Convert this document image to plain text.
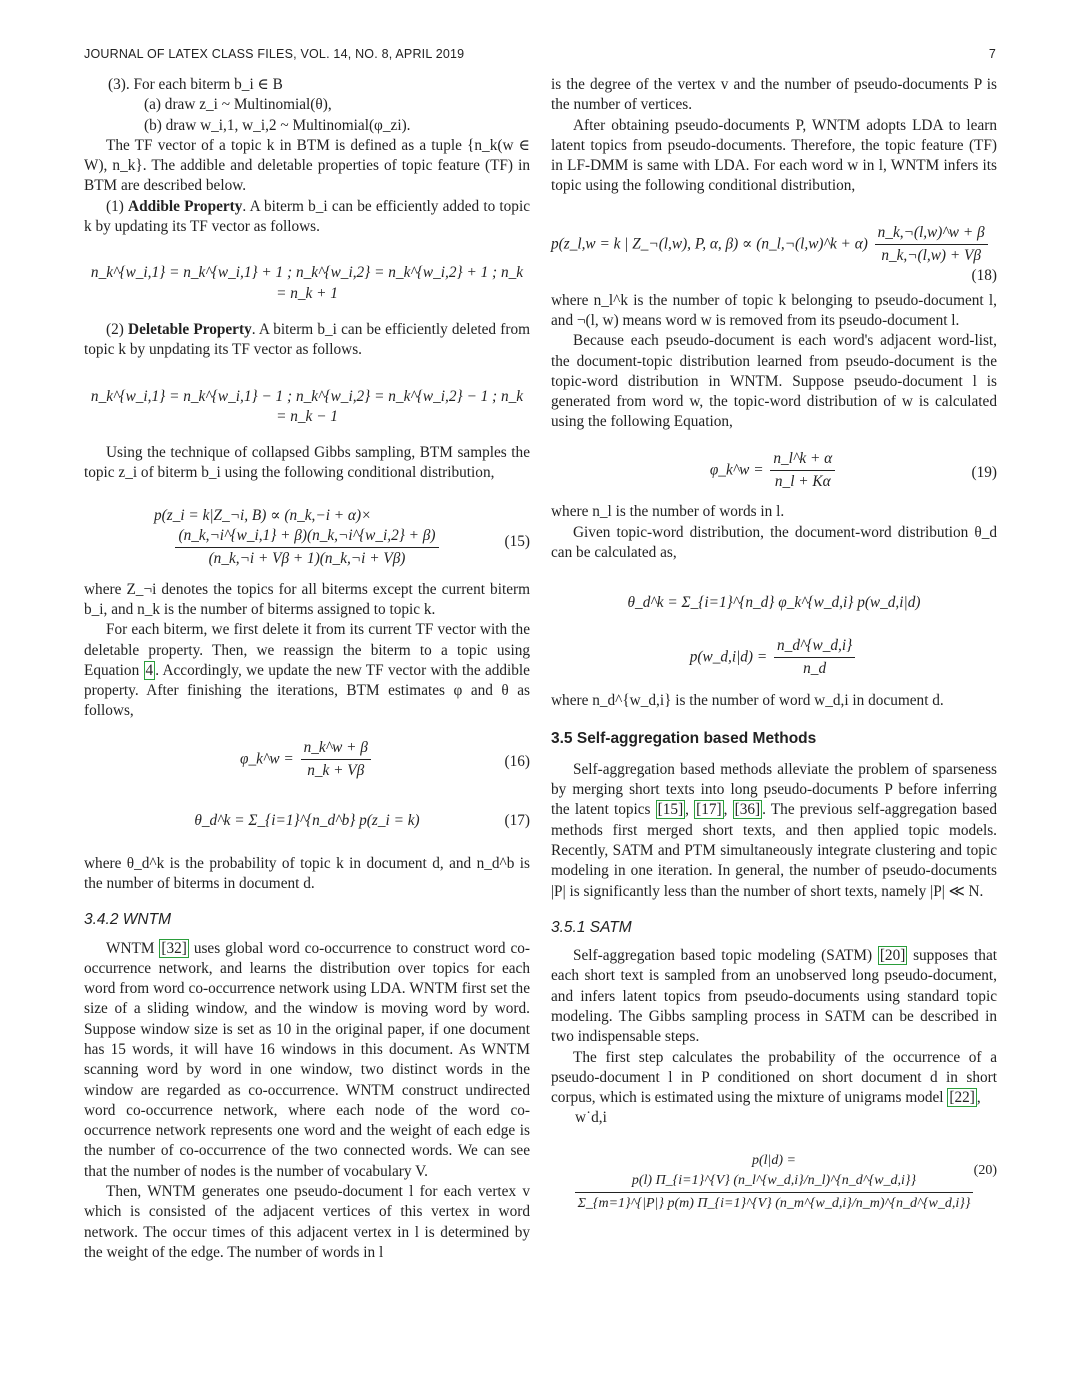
JOURNAL OF LATEX CLASS FILES, VOL. 14, NO. 8, APRIL 2019	7

(3). For each biterm b_i ∈ B

(a) draw z_i ~ Multinomial(θ),

(b) draw w_i,1, w_i,2 ~ Multinomial(φ_zi).

The TF vector of a topic k in BTM is defined as a tuple {n_k(w ∈ W), n_k}. The addible and deletable properties of topic feature (TF) in BTM are described below.

(1) Addible Property. A biterm b_i can be efficiently added to topic k by updating its TF vector as follows.

n_k^{w_i,1} = n_k^{w_i,1} + 1 ; n_k^{w_i,2} = n_k^{w_i,2} + 1 ; n_k = n_k + 1

(2) Deletable Property. A biterm b_i can be efficiently deleted from topic k by unpdating its TF vector as follows.

n_k^{w_i,1} = n_k^{w_i,1} − 1 ; n_k^{w_i,2} = n_k^{w_i,2} − 1 ; n_k = n_k − 1

Using the technique of collapsed Gibbs sampling, BTM samples the topic z_i of biterm b_i using the following conditional distribution,

p(z_i = k|Z_¬i, B) ∝ (n_k,−i + α)×
$\frac{(n\_k,\neg i\^{}\{w\_i,1\} + \beta)(n\_k,\neg i\^{}\{w\_i,2\} + \beta)}{(n\_k,\neg i + V\beta + 1)(n\_k,\neg i + V\beta)}$	(15)

where Z_¬i denotes the topics for all biterms except the current biterm b_i, and n_k is the number of biterms assigned to topic k.

For each biterm, we first delete it from its current TF vector with the deletable property. Then, we reassign the biterm to a topic using Equation 4 . Accordingly, we update the new TF vector with the addible property. After finishing the iterations, BTM estimates φ and θ as follows,

φ_k^w = $\frac{n\_k\^{}w + \beta}{n\_k + V\beta}$	(16)
θ_d^k = Σ_{i=1}^{n_d^b} p(z_i = k)	(17)

where θ_d^k is the probability of topic k in document d, and n_d^b is the number of biterms in document d.

3.4.2 WNTM

WNTM [32] uses global word co-occurrence to construct word co-occurrence network, and learns the distribution over topics for each word from word co-occurrence network using LDA. WNTM first set the size of a sliding window, and the window is moving word by word. Suppose window size is set as 10 in the original paper, if one document has 15 words, it will have 16 windows in this document. As WNTM scanning word by word in one window, two distinct words in the window are regarded as co-occurrence. WNTM construct undirected word co-occurrence network, where each node of the word co-occurrence network represents one word and the weight of each edge is the number of co-occurrence of the two connected words. We can see that the number of nodes is the number of vocabulary V.

Then, WNTM generates one pseudo-document l for each vertex v which is consisted of the adjacent vertices of this vertex in word network. The occur times of this adjacent vertex in l is determined by the weight of the edge. The number of words in l

is the degree of the vertex v and the number of pseudo-documents P is the number of vertices.

After obtaining pseudo-documents P, WNTM adopts LDA to learn latent topics from pseudo-documents. Therefore, the topic feature (TF) in LF-DMM is same with LDA. For each word w in l, WNTM infers its topic using the following conditional distribution,

p(z_l,w = k | Z_¬(l,w), P, α, β) ∝ (n_l,¬(l,w)^k + $\alpha) \frac{n\_k,\neg(l,w)\^{}w + \beta}{n\_k,\neg(l,w) + V\beta}$
(18)

where n_l^k is the number of topic k belonging to pseudo-document l, and ¬(l, w) means word w is removed from its pseudo-document l.

Because each pseudo-document is each word's adjacent word-list, the document-topic distribution learned from pseudo-document is the topic-word distribution in WNTM. Suppose pseudo-document l is generated from word w, the topic-word distribution of w is calculated using the following Equation,

φ_k^w = $\frac{n\_l\^{}k + \alpha}{n\_l + K\alpha}$	(19)

where n_l is the number of words in l.

Given topic-word distribution, the document-word distribution θ_d can be calculated as,

θ_d^k = Σ_{i=1}^{n_d} φ_k^{w_d,i} p(w_d,i|d)
p(w_d,i|d) = $\frac{n\_d\^{}\{w\_d,i\}}{n\_d}$

where n_d^{w_d,i} is the number of word w_d,i in document d.

3.5 Self-aggregation based Methods

Self-aggregation based methods alleviate the problem of sparseness by merging short texts into long pseudo-documents P before inferring the latent topics [15] , [17] , [36] . The previous self-aggregation based methods first merged short texts, and then applied topic models. Recently, SATM and PTM simultaneously integrate clustering and topic modeling in one iteration. In general, the number of pseudo-documents |P| is significantly less than the number of short texts, namely |P| ≪ N.

3.5.1 SATM

Self-aggregation based topic modeling (SATM) [20] supposes that each short text is sampled from an unobserved long pseudo-document, and infers latent topics from pseudo-documents using standard topic modeling. The Gibbs sampling process in SATM can be described in two indispensable steps.

The first step calculates the probability of the occurrence of a pseudo-document l in P conditioned on short document d in short corpus, which is estimated using the mixture of unigrams model [22] ,

w˙d,i

p(l|d) =
p(l) Π_{i=1}^{V} (n_l^{w_d,i}/n_l)^{n_d^{w_d,i}}
Σ_{m=1}^{|P|} p(m) Π_{i=1}^{V} (n_m^{w_d,i}/n_m)^{n_d^{w_d,i}}
(20)
